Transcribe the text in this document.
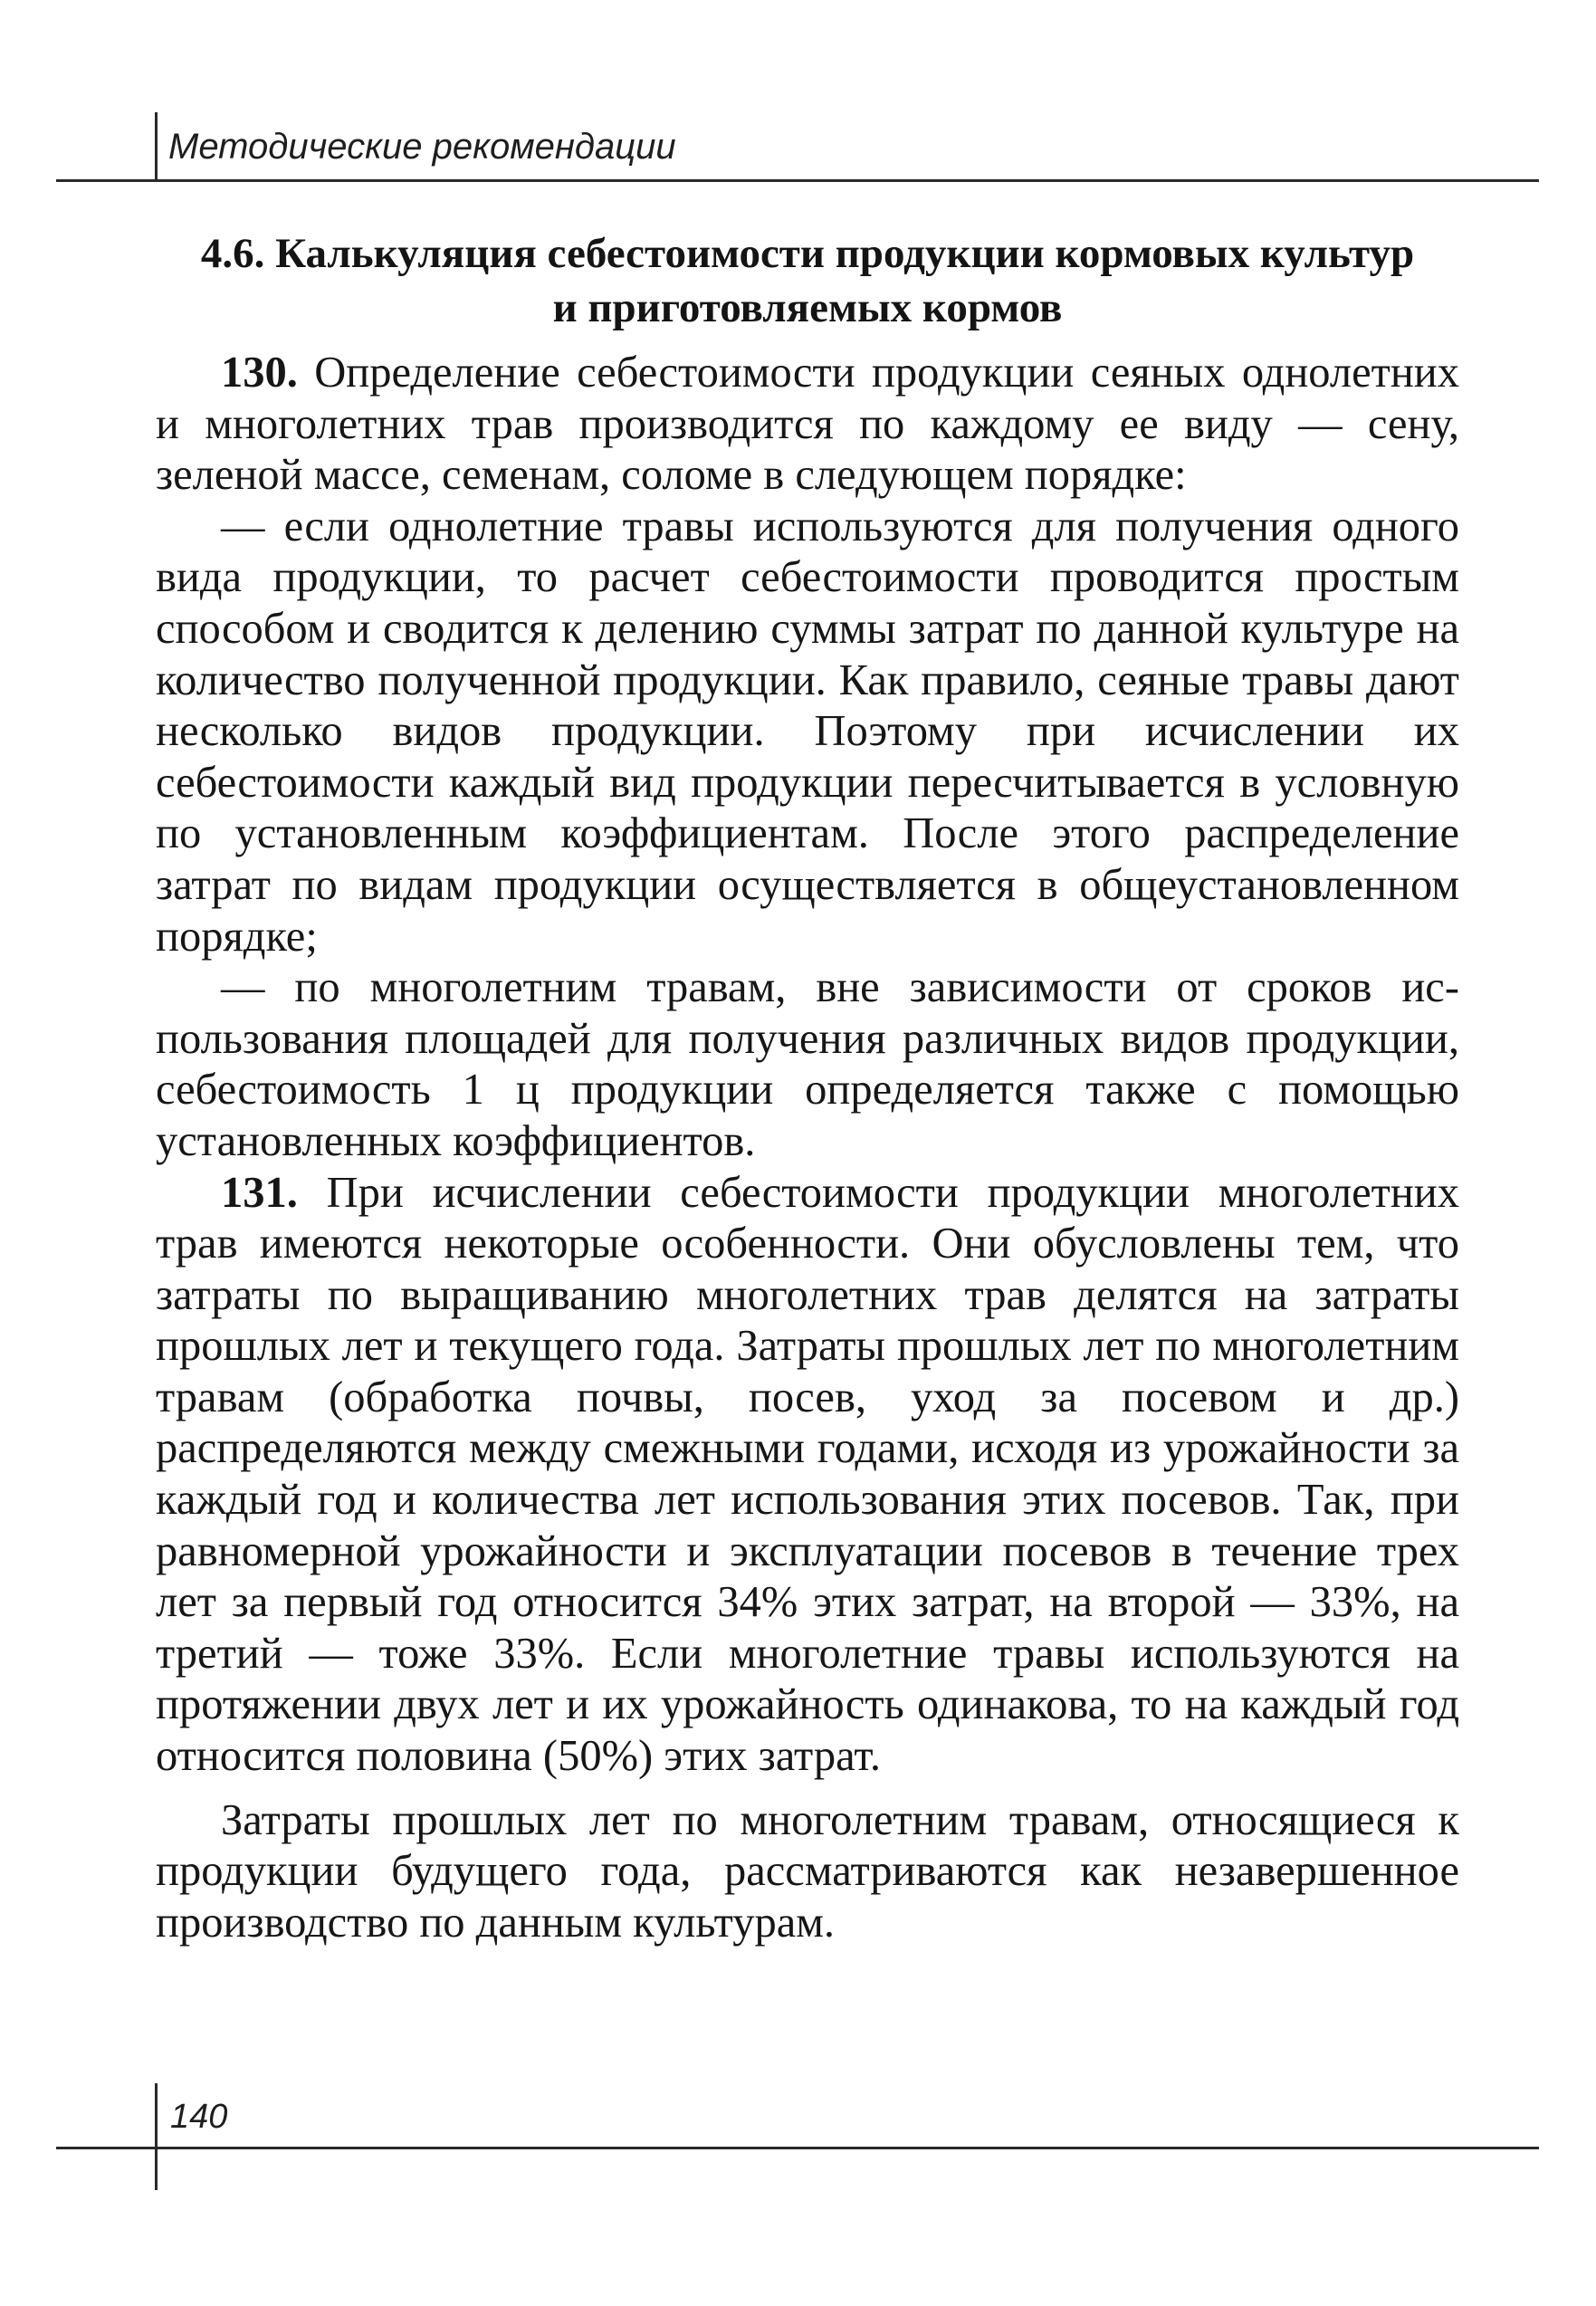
Методические рекомендации
4.6. Калькуляция себестоимости продукции кормовых культур
и приготовляемых кормов

130. Определение себестоимости продукции сеяных однолетних и многолетних трав производится по каждому ее виду — сену, зеленой массе, семенам, соломе в следующем порядке:

— если однолетние травы используются для получения одного вида продукции, то расчет себестоимости проводится простым способом и сводится к делению суммы затрат по данной культуре на количество полученной продукции. Как правило, сеяные травы дают несколько видов продукции. Поэтому при исчислении их себестоимости каждый вид продукции пересчитывается в условную по установленным коэффициентам. После этого распределение затрат по видам продукции осуществляется в общеустановленном порядке;

— по многолетним травам, вне зависимости от сроков использования площадей для получения различных видов продукции, себестоимость 1 ц продукции определяется также с помощью установленных коэффициентов.

131. При исчислении себестоимости продукции многолетних трав имеются некоторые особенности. Они обусловлены тем, что затраты по выращиванию многолетних трав делятся на затраты прошлых лет и текущего года. Затраты прошлых лет по многолетним травам (обработка почвы, посев, уход за посевом и др.) распределяются между смежными годами, исходя из урожайности за каждый год и количества лет использования этих посевов. Так, при равномерной урожайности и эксплуатации посевов в течение трех лет за первый год относится 34% этих затрат, на второй — 33%, на третий — тоже 33%. Если многолетние травы используются на протяжении двух лет и их урожайность одинакова, то на каждый год относится половина (50%) этих затрат.

Затраты прошлых лет по многолетним травам, относящиеся к продукции будущего года, рассматриваются как незавершенное производство по данным культурам.

140
